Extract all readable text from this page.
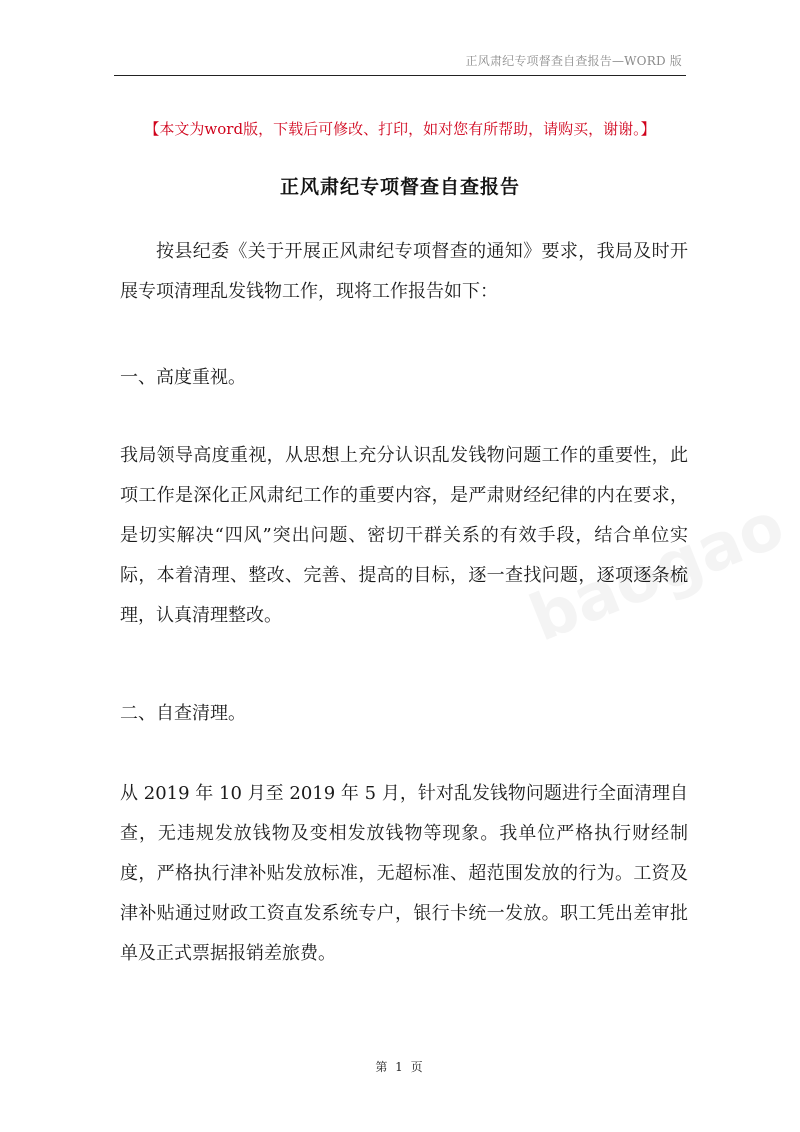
正风肃纪专项督查自查报告—WORD 版
【本文为word版，下载后可修改、打印，如对您有所帮助，请购买，谢谢。】
正风肃纪专项督查自查报告
按县纪委《关于开展正风肃纪专项督查的通知》要求，我局及时开展专项清理乱发钱物工作，现将工作报告如下：
一、高度重视。
我局领导高度重视，从思想上充分认识乱发钱物问题工作的重要性，此项工作是深化正风肃纪工作的重要内容，是严肃财经纪律的内在要求，是切实解决“四风”突出问题、密切干群关系的有效手段，结合单位实际，本着清理、整改、完善、提高的目标，逐一查找问题，逐项逐条梳理，认真清理整改。
二、自查清理。
从 2019 年 10 月至 2019 年 5 月，针对乱发钱物问题进行全面清理自查，无违规发放钱物及变相发放钱物等现象。我单位严格执行财经制度，严格执行津补贴发放标准，无超标准、超范围发放的行为。工资及津补贴通过财政工资直发系统专户，银行卡统一发放。职工凭出差审批单及正式票据报销差旅费。
第 1 页
